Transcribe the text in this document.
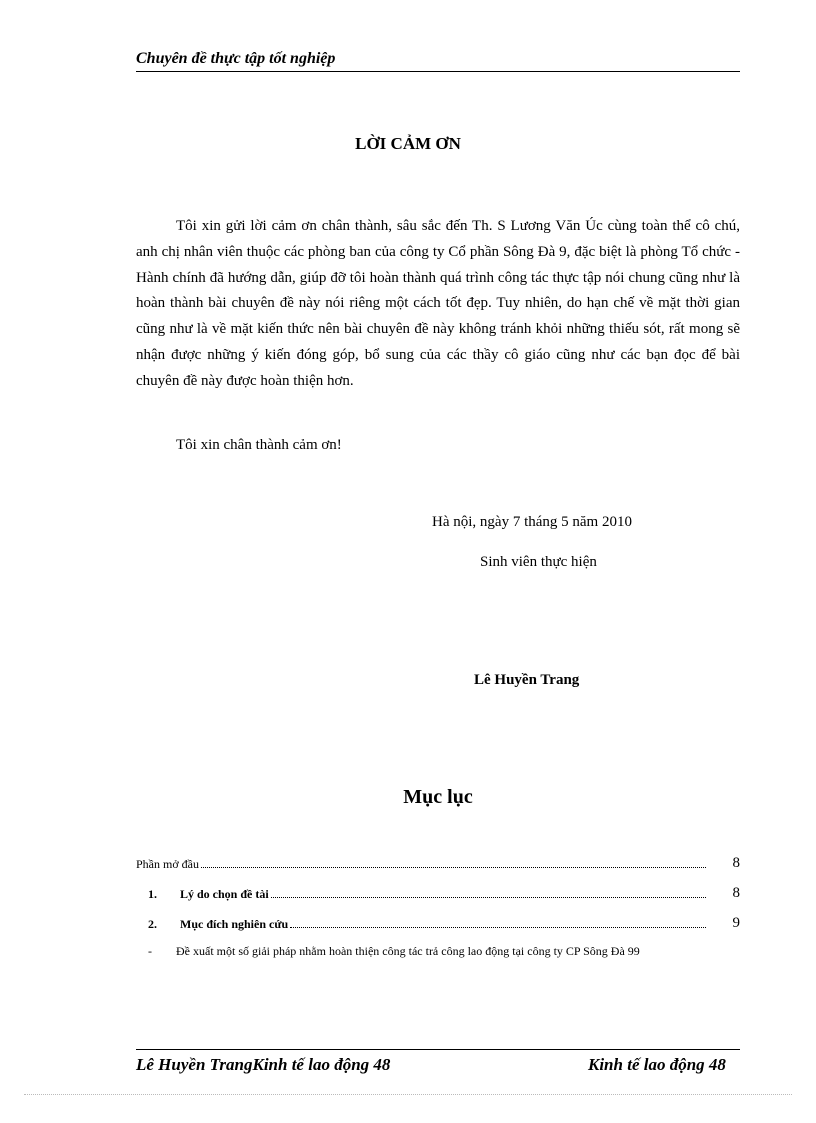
Chuyên đề thực tập tốt nghiệp
LỜI CẢM ƠN

Tôi xin gửi lời cảm ơn chân thành, sâu sắc đến Th. S Lương Văn Úc cùng toàn thể cô chú, anh chị nhân viên thuộc các phòng ban của công ty Cổ phần Sông Đà 9, đặc biệt là phòng Tổ chức - Hành chính đã hướng dẫn, giúp đỡ tôi hoàn thành quá trình công tác thực tập nói chung cũng như là hoàn thành bài chuyên đề này nói riêng một cách tốt đẹp. Tuy nhiên, do hạn chế về mặt thời gian cũng như là về mặt kiến thức nên bài chuyên đề này không tránh khỏi những thiếu sót, rất mong sẽ nhận được những ý kiến đóng góp, bổ sung của các thầy cô giáo cũng như các bạn đọc để bài chuyên đề này được hoàn thiện hơn.

Tôi xin chân thành cảm ơn!
Hà nội, ngày 7 tháng 5 năm 2010
Sinh viên thực hiện
Lê Huyền Trang
Mục lục
Phần mở đầu	8
1.	Lý do chọn đề tài	8
2.	Mục đích nghiên cứu	9
- Đề xuất một số giải pháp nhằm hoàn thiện công tác trả công lao động tại công ty CP Sông Đà 99
Lê Huyền TrangKinh tế lao động 48	Kinh tế lao động 48
